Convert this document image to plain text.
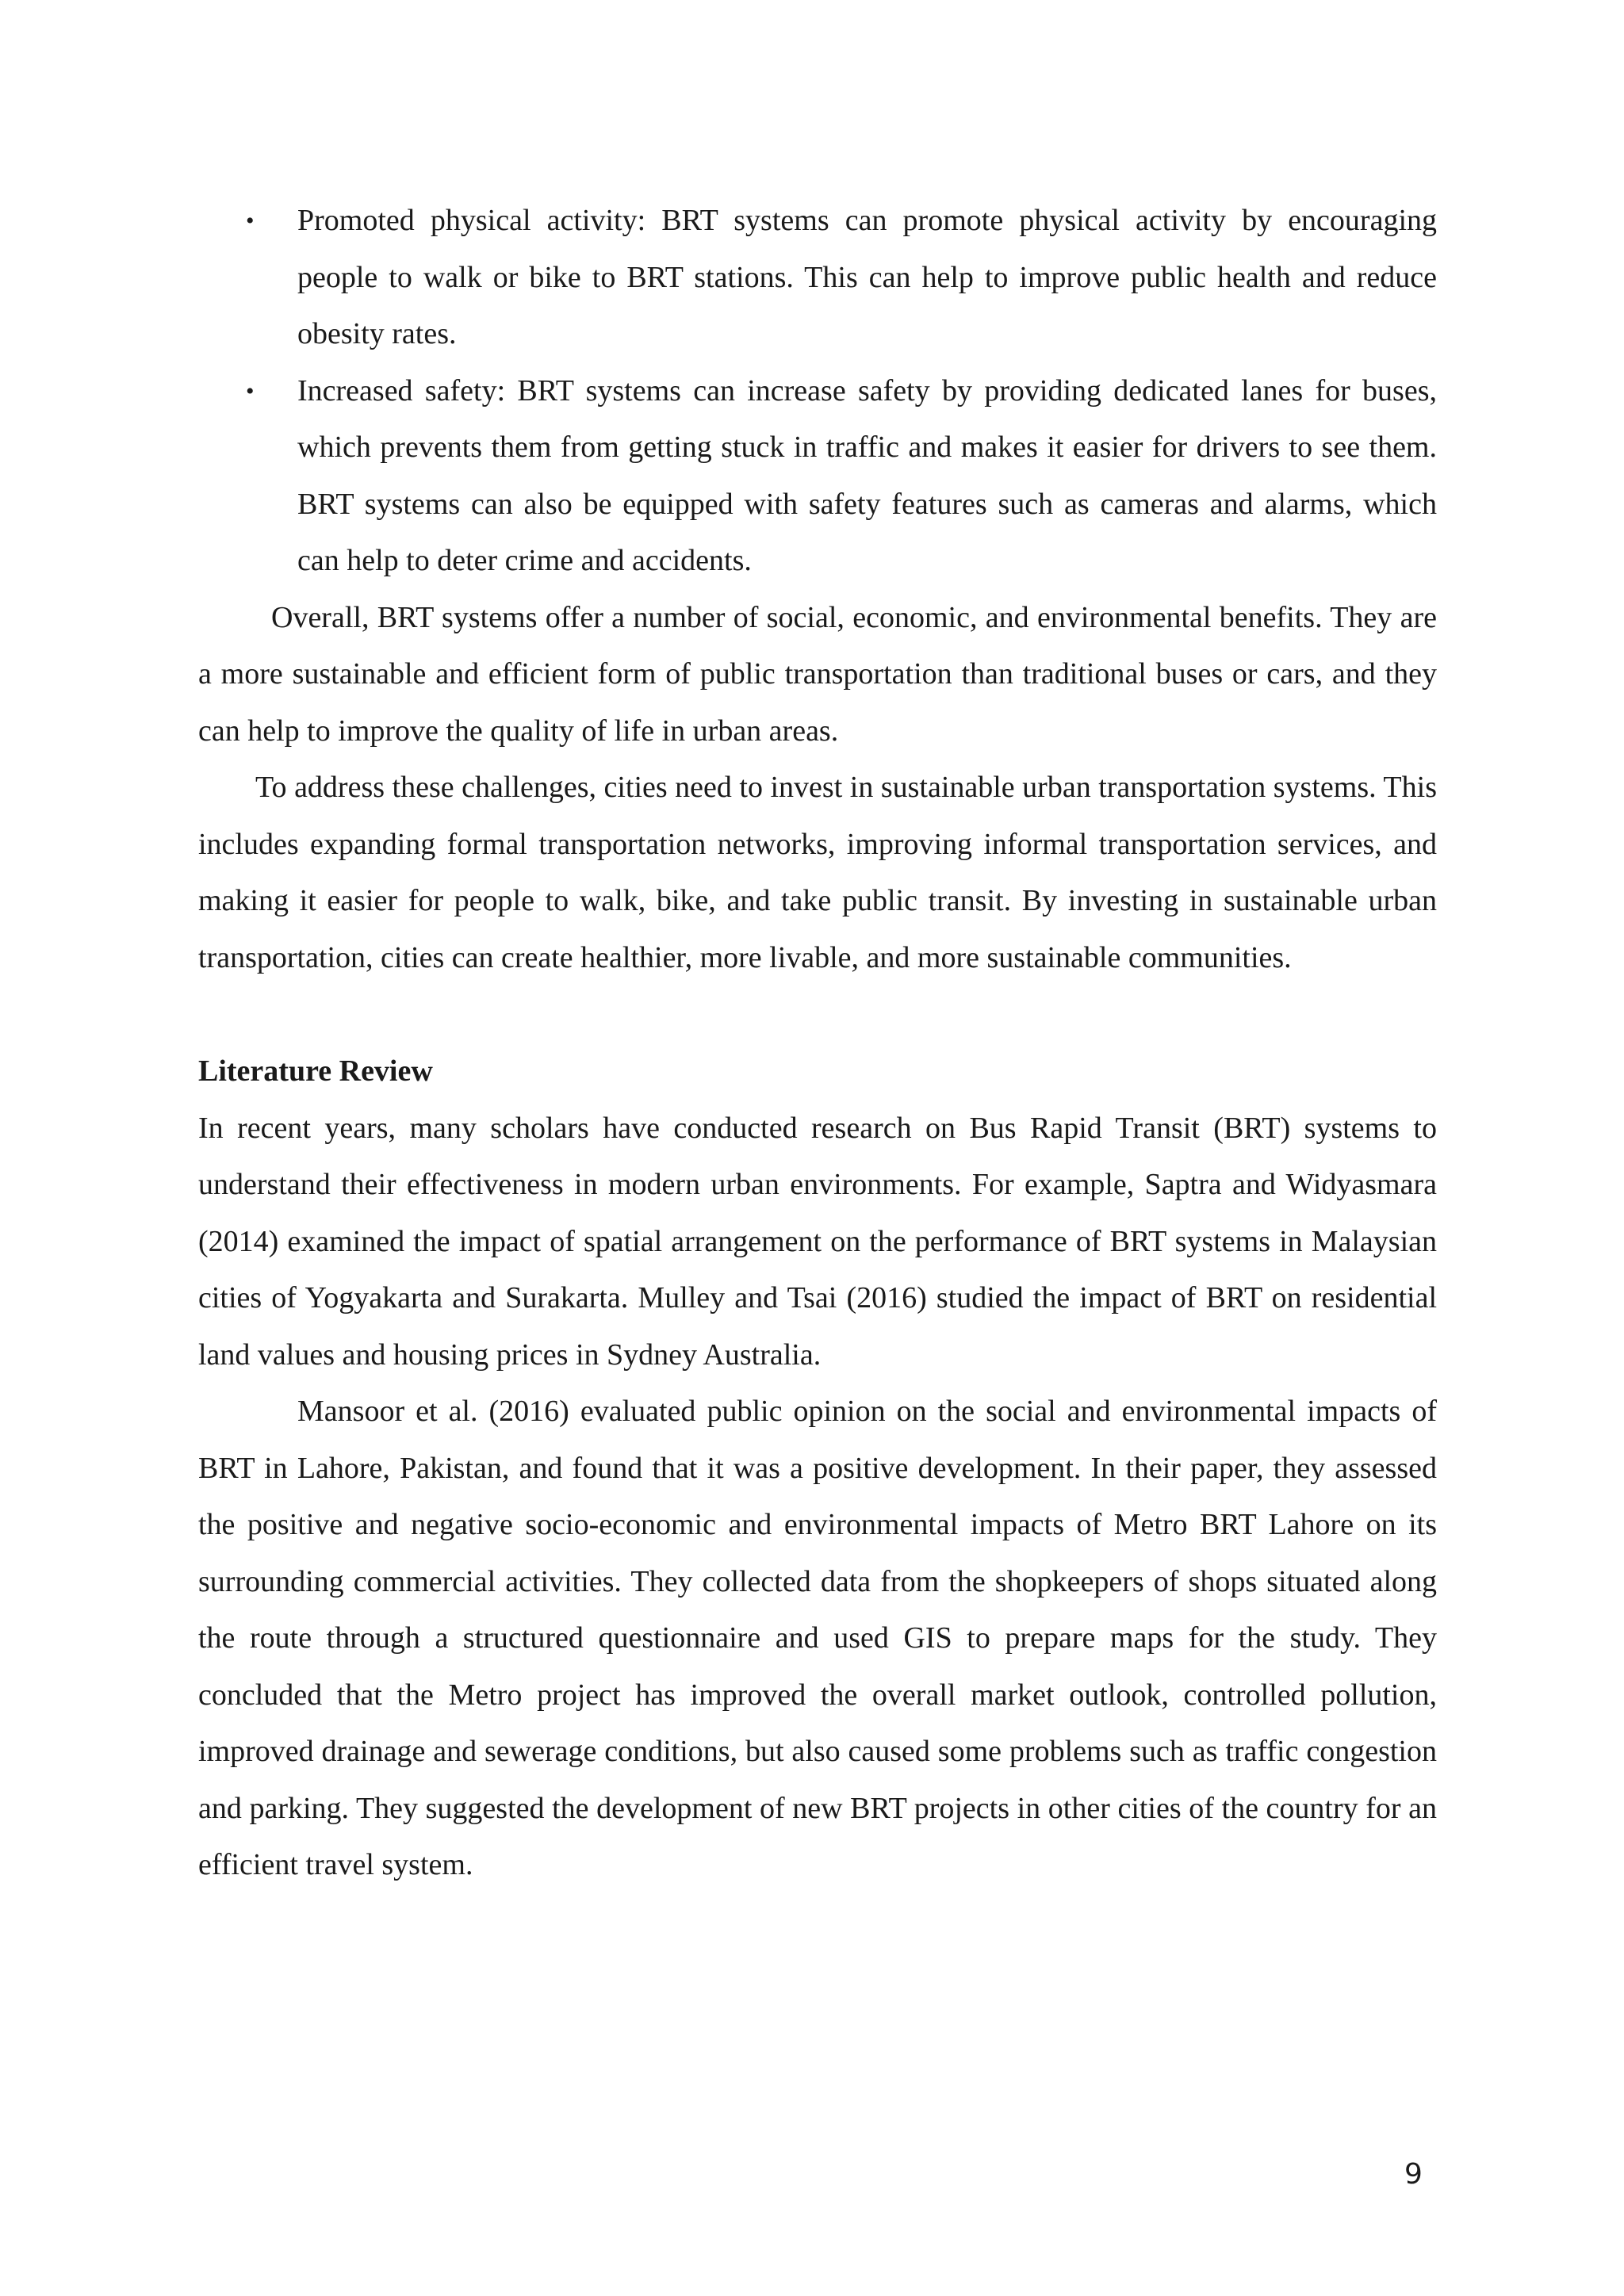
• Promoted physical activity: BRT systems can promote physical activity by encouraging people to walk or bike to BRT stations. This can help to improve public health and reduce obesity rates.
• Increased safety: BRT systems can increase safety by providing dedicated lanes for buses, which prevents them from getting stuck in traffic and makes it easier for drivers to see them. BRT systems can also be equipped with safety features such as cameras and alarms, which can help to deter crime and accidents.

Overall, BRT systems offer a number of social, economic, and environmental benefits. They are a more sustainable and efficient form of public transportation than traditional buses or cars, and they can help to improve the quality of life in urban areas.

To address these challenges, cities need to invest in sustainable urban transportation systems. This includes expanding formal transportation networks, improving informal transportation services, and making it easier for people to walk, bike, and take public transit. By investing in sustainable urban transportation, cities can create healthier, more livable, and more sustainable communities.

Literature Review

In recent years, many scholars have conducted research on Bus Rapid Transit (BRT) systems to understand their effectiveness in modern urban environments. For example, Saptra and Widyasmara (2014) examined the impact of spatial arrangement on the performance of BRT systems in Malaysian cities of Yogyakarta and Surakarta. Mulley and Tsai (2016) studied the impact of BRT on residential land values and housing prices in Sydney Australia.

Mansoor et al. (2016) evaluated public opinion on the social and environmental impacts of BRT in Lahore, Pakistan, and found that it was a positive development. In their paper, they assessed the positive and negative socio-economic and environmental impacts of Metro BRT Lahore on its surrounding commercial activities. They collected data from the shopkeepers of shops situated along the route through a structured questionnaire and used GIS to prepare maps for the study. They concluded that the Metro project has improved the overall market outlook, controlled pollution, improved drainage and sewerage conditions, but also caused some problems such as traffic congestion and parking. They suggested the development of new BRT projects in other cities of the country for an efficient travel system.

9
